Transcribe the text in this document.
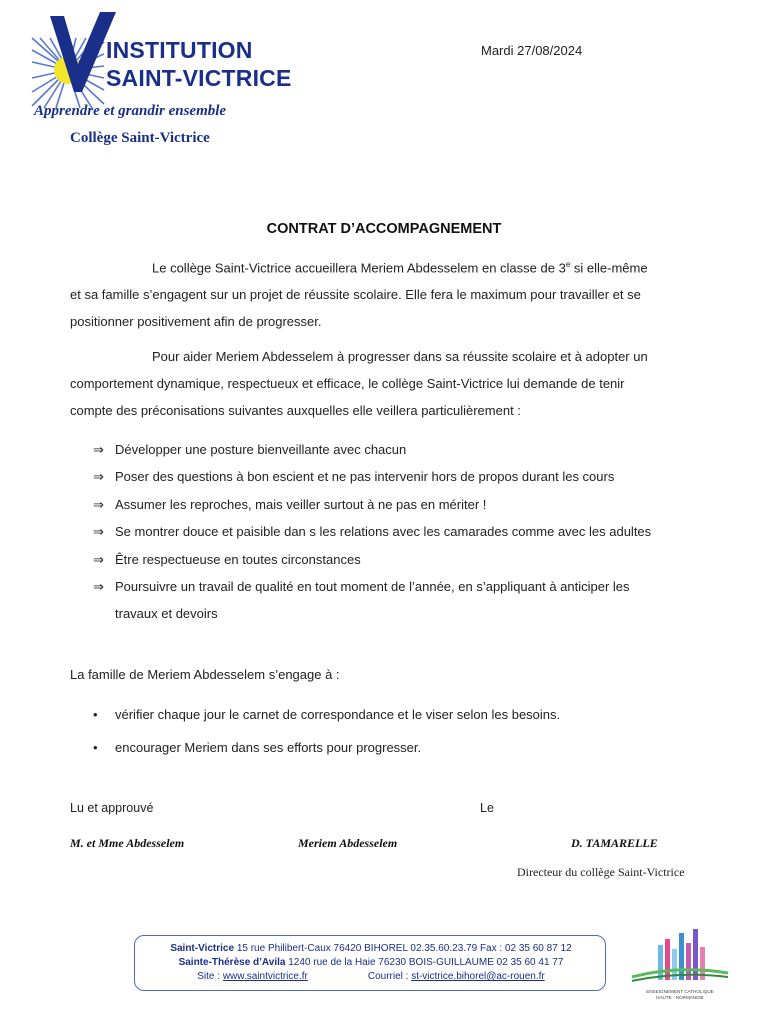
INSTITUTION
SAINT-VICTRICE
Apprendre et grandir ensemble
Collège Saint-Victrice
Mardi 27/08/2024
CONTRAT D’ACCOMPAGNEMENT
Le collège Saint-Victrice accueillera Meriem Abdesselem en classe de 3e si elle-même
et sa famille s’engagent sur un projet de réussite scolaire. Elle fera le maximum pour travailler et se
positionner positivement afin de progresser.
Pour aider Meriem Abdesselem à progresser dans sa réussite scolaire et à adopter un
comportement dynamique, respectueux et efficace, le collège Saint-Victrice lui demande de tenir
compte des préconisations suivantes auxquelles elle veillera particulièrement :
⇒ Développer une posture bienveillante avec chacun
⇒ Poser des questions à bon escient et ne pas intervenir hors de propos durant les cours
⇒ Assumer les reproches, mais veiller surtout à ne pas en mériter !
⇒ Se montrer douce et paisible dan s les relations avec les camarades comme avec les adultes
⇒ Être respectueuse en toutes circonstances
⇒ Poursuivre un travail de qualité en tout moment de l’année, en s’appliquant à anticiper les
travaux et devoirs
La famille de Meriem Abdesselem s’engage à :
• vérifier chaque jour le carnet de correspondance et le viser selon les besoins.
• encourager Meriem dans ses efforts pour progresser.
Lu et approuvé	Le
M. et Mme Abdesselem	Meriem Abdesselem	D. TAMARELLE
Directeur du collège Saint-Victrice
Saint-Victrice 15 rue Philibert-Caux 76420 BIHOREL 02.35.60.23.79 Fax : 02 35 60 87 12
Sainte-Thérèse d’Avila 1240 rue de la Haie 76230 BOIS-GUILLAUME 02 35 60 41 77
Site : www.saintvictrice.fr	Courriel : st-victrice.bihorel@ac-rouen.fr
ENSEIGNEMENT CATHOLIQUE
HAUTE - NORMANDIE
